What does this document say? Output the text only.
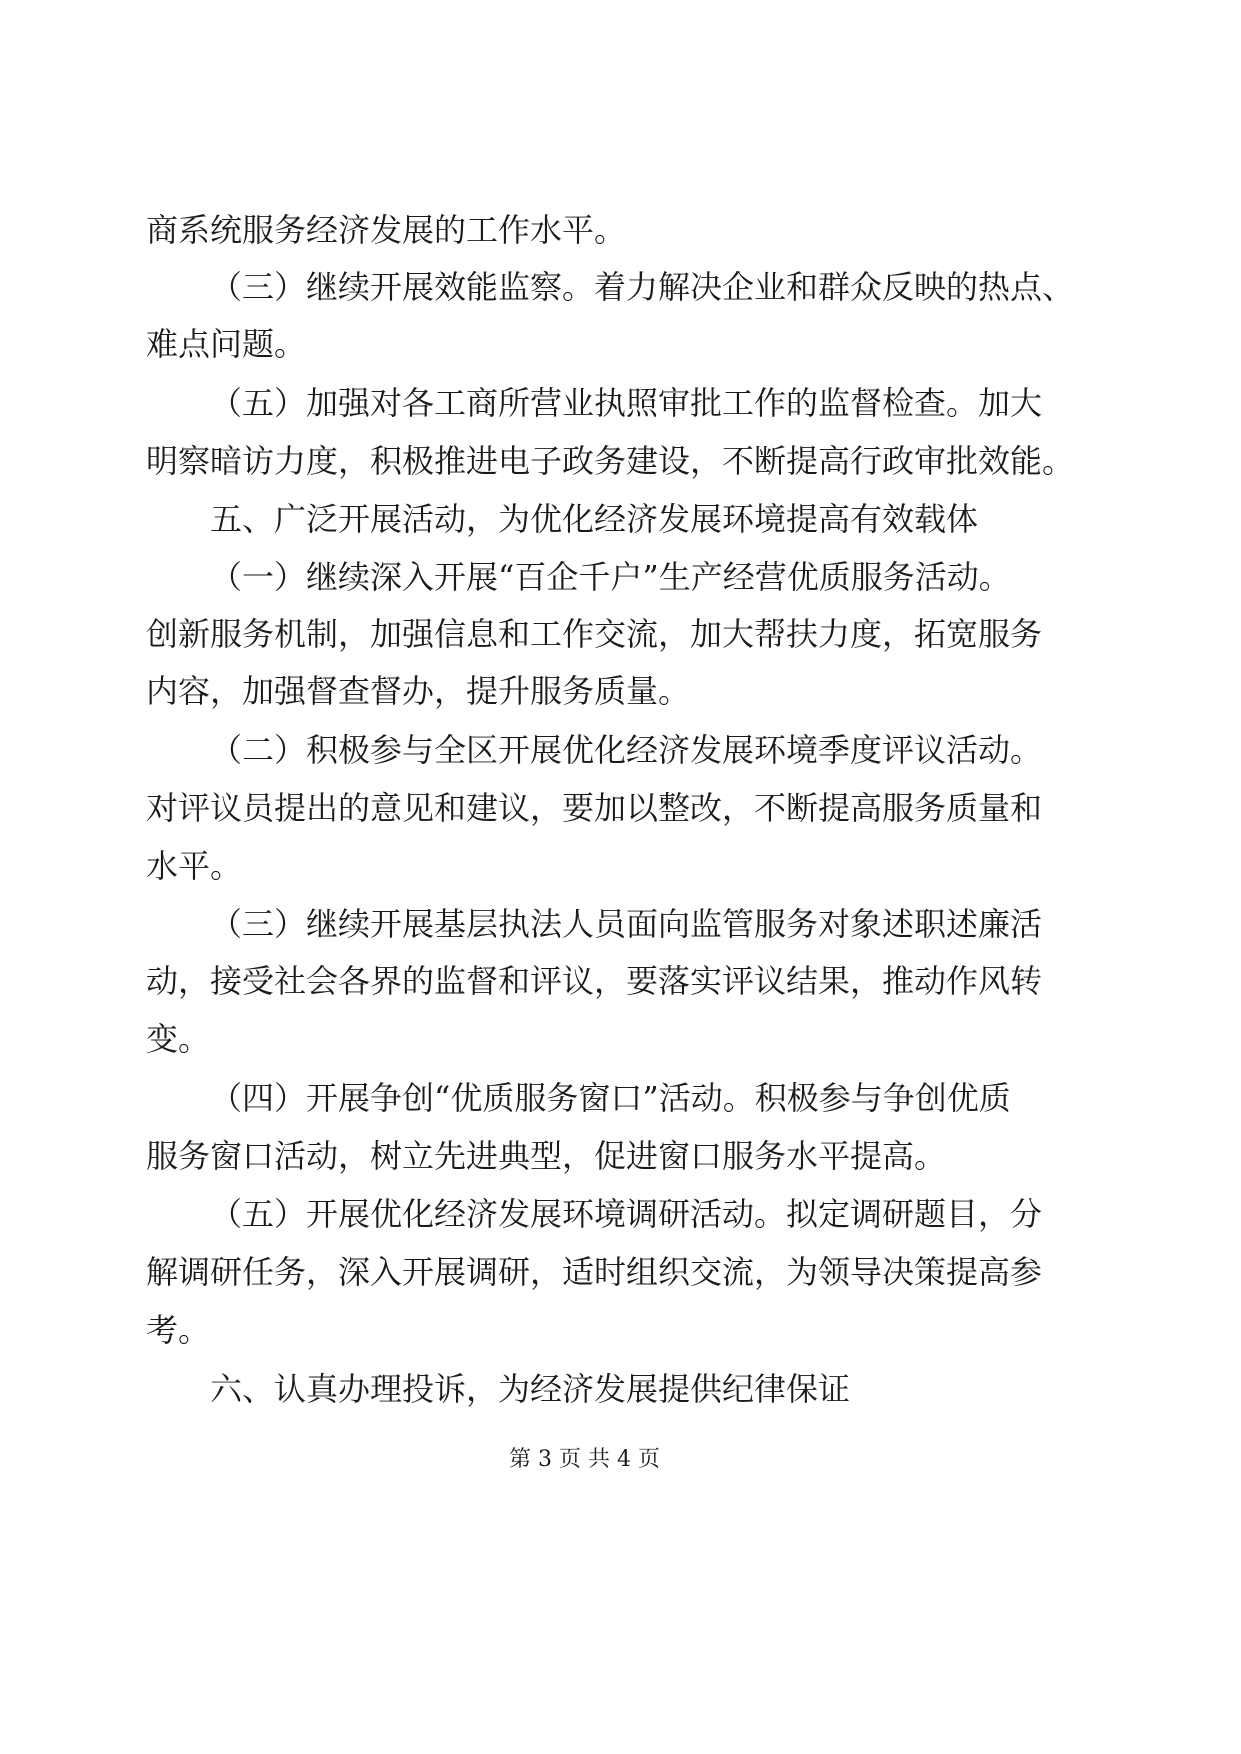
商系统服务经济发展的工作水平。
（三）继续开展效能监察。着力解决企业和群众反映的热点、
难点问题。
（五）加强对各工商所营业执照审批工作的监督检查。加大
明察暗访力度，积极推进电子政务建设，不断提高行政审批效能。
五、广泛开展活动，为优化经济发展环境提高有效载体
（一）继续深入开展“百企千户”生产经营优质服务活动。
创新服务机制，加强信息和工作交流，加大帮扶力度，拓宽服务
内容，加强督查督办，提升服务质量。
（二）积极参与全区开展优化经济发展环境季度评议活动。
对评议员提出的意见和建议，要加以整改，不断提高服务质量和
水平。
（三）继续开展基层执法人员面向监管服务对象述职述廉活
动，接受社会各界的监督和评议，要落实评议结果，推动作风转
变。
（四）开展争创“优质服务窗口”活动。积极参与争创优质
服务窗口活动，树立先进典型，促进窗口服务水平提高。
（五）开展优化经济发展环境调研活动。拟定调研题目，分
解调研任务，深入开展调研，适时组织交流，为领导决策提高参
考。
六、认真办理投诉，为经济发展提供纪律保证
第 3 页 共 4 页
